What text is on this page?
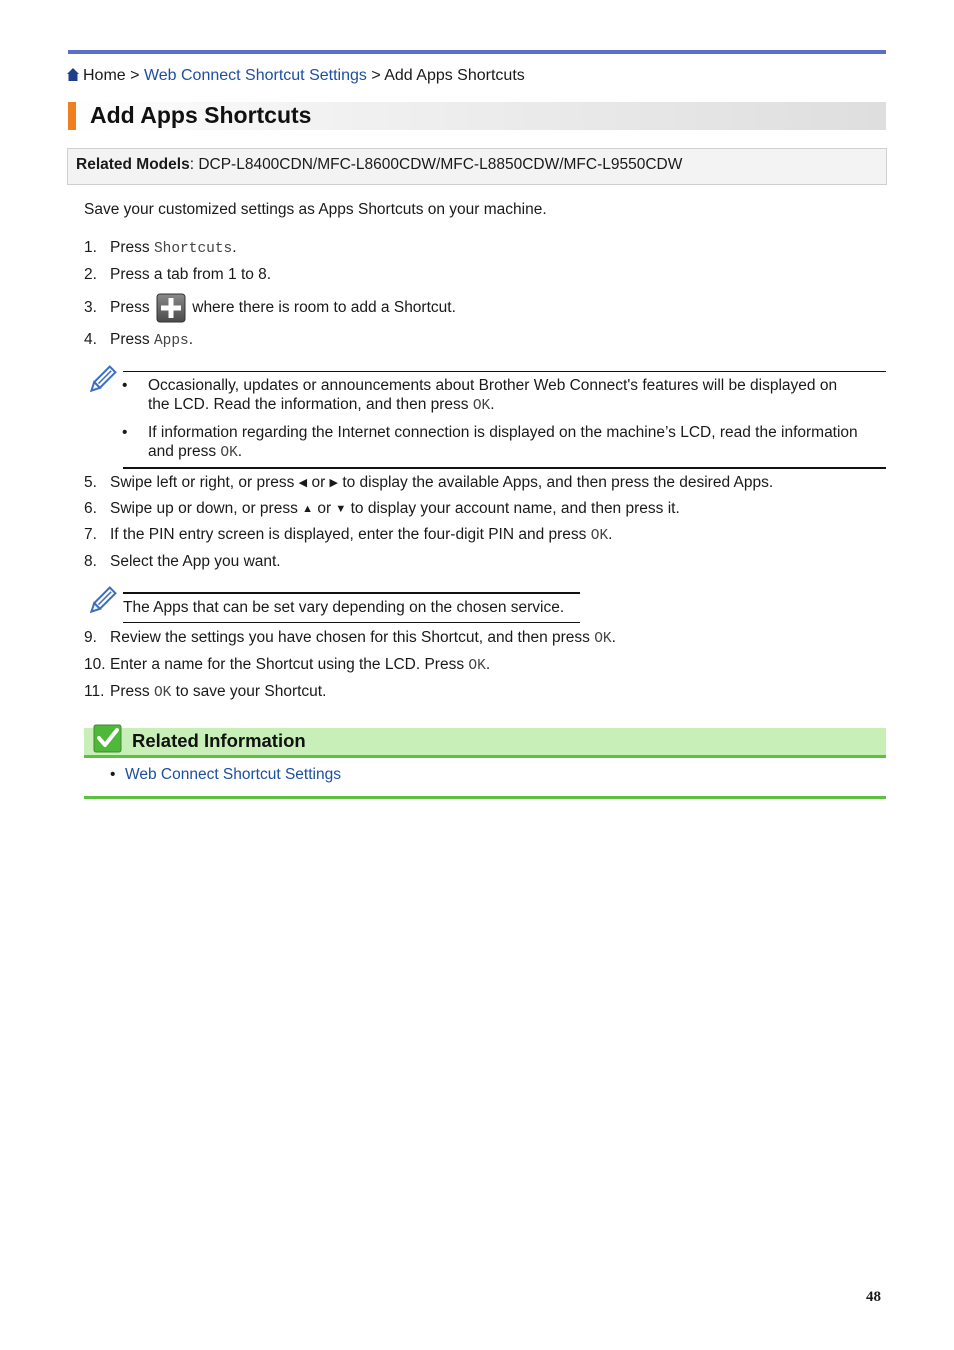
Home > Web Connect Shortcut Settings > Add Apps Shortcuts
Add Apps Shortcuts
Related Models: DCP-L8400CDN/MFC-L8600CDW/MFC-L8850CDW/MFC-L9550CDW
Save your customized settings as Apps Shortcuts on your machine.
1. Press Shortcuts.
2. Press a tab from 1 to 8.
3. Press  where there is room to add a Shortcut.
4. Press Apps.
• Occasionally, updates or announcements about Brother Web Connect's features will be displayed on
the LCD. Read the information, and then press OK.
• If information regarding the Internet connection is displayed on the machine’s LCD, read the information
and press OK.
5. Swipe left or right, or press ◀ or ▶ to display the available Apps, and then press the desired Apps.
6. Swipe up or down, or press ▲ or ▼ to display your account name, and then press it.
7. If the PIN entry screen is displayed, enter the four-digit PIN and press OK.
8. Select the App you want.
The Apps that can be set vary depending on the chosen service.
9. Review the settings you have chosen for this Shortcut, and then press OK.
10. Enter a name for the Shortcut using the LCD. Press OK.
11. Press OK to save your Shortcut.
Related Information
• Web Connect Shortcut Settings
48
